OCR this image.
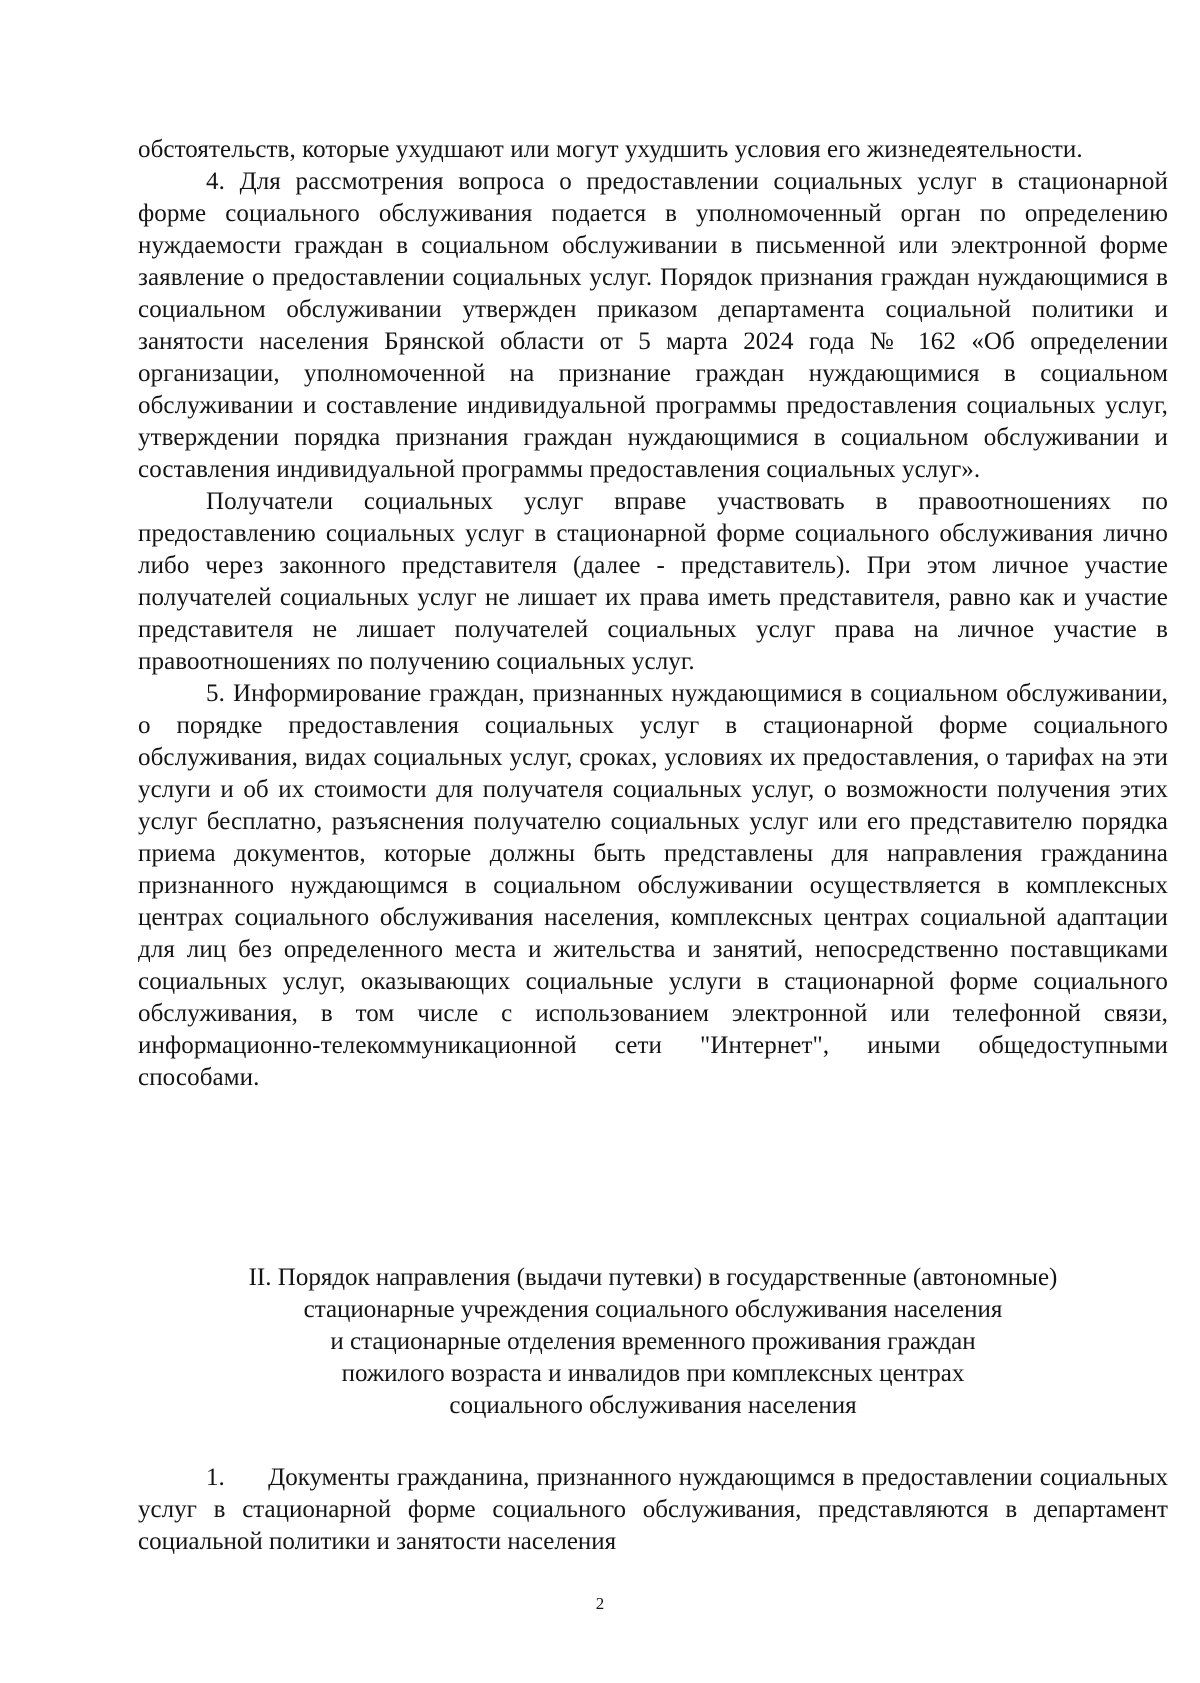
обстоятельств, которые ухудшают или могут ухудшить условия его жизнедеятельности.

4. Для рассмотрения вопроса о предоставлении социальных услуг в стационарной форме социального обслуживания подается в уполномоченный орган по определению нуждаемости граждан в социальном обслуживании в письменной или электронной форме заявление о предоставлении социальных услуг. Порядок признания граждан нуждающимися в социальном обслуживании утвержден приказом департамента социальной политики и занятости населения Брянской области от 5 марта 2024 года № 162 «Об определении организации, уполномоченной на признание граждан нуждающимися в социальном обслуживании и составление индивидуальной программы предоставления социальных услуг, утверждении порядка признания граждан нуждающимися в социальном обслуживании и составления индивидуальной программы предоставления социальных услуг».

Получатели социальных услуг вправе участвовать в правоотношениях по предоставлению социальных услуг в стационарной форме социального обслуживания лично либо через законного представителя (далее - представитель). При этом личное участие получателей социальных услуг не лишает их права иметь представителя, равно как и участие представителя не лишает получателей социальных услуг права на личное участие в правоотношениях по получению социальных услуг.

5. Информирование граждан, признанных нуждающимися в социальном обслуживании, о порядке предоставления социальных услуг в стационарной форме социального обслуживания, видах социальных услуг, сроках, условиях их предоставления, о тарифах на эти услуги и об их стоимости для получателя социальных услуг, о возможности получения этих услуг бесплатно, разъяснения получателю социальных услуг или его представителю порядка приема документов, которые должны быть представлены для направления гражданина признанного нуждающимся в социальном обслуживании осуществляется в комплексных центрах социального обслуживания населения, комплексных центрах социальной адаптации для лиц без определенного места и жительства и занятий, непосредственно поставщиками социальных услуг, оказывающих социальные услуги в стационарной форме социального обслуживания, в том числе с использованием электронной или телефонной связи, информационно-телекоммуникационной сети "Интернет", иными общедоступными способами.

II. Порядок направления (выдачи путевки) в государственные (автономные)
стационарные учреждения социального обслуживания населения
и стационарные отделения временного проживания граждан
пожилого возраста и инвалидов при комплексных центрах
социального обслуживания населения

1.      Документы гражданина, признанного нуждающимся в предоставлении социальных услуг в стационарной форме социального обслуживания, представляются в департамент социальной политики и занятости населения

2
